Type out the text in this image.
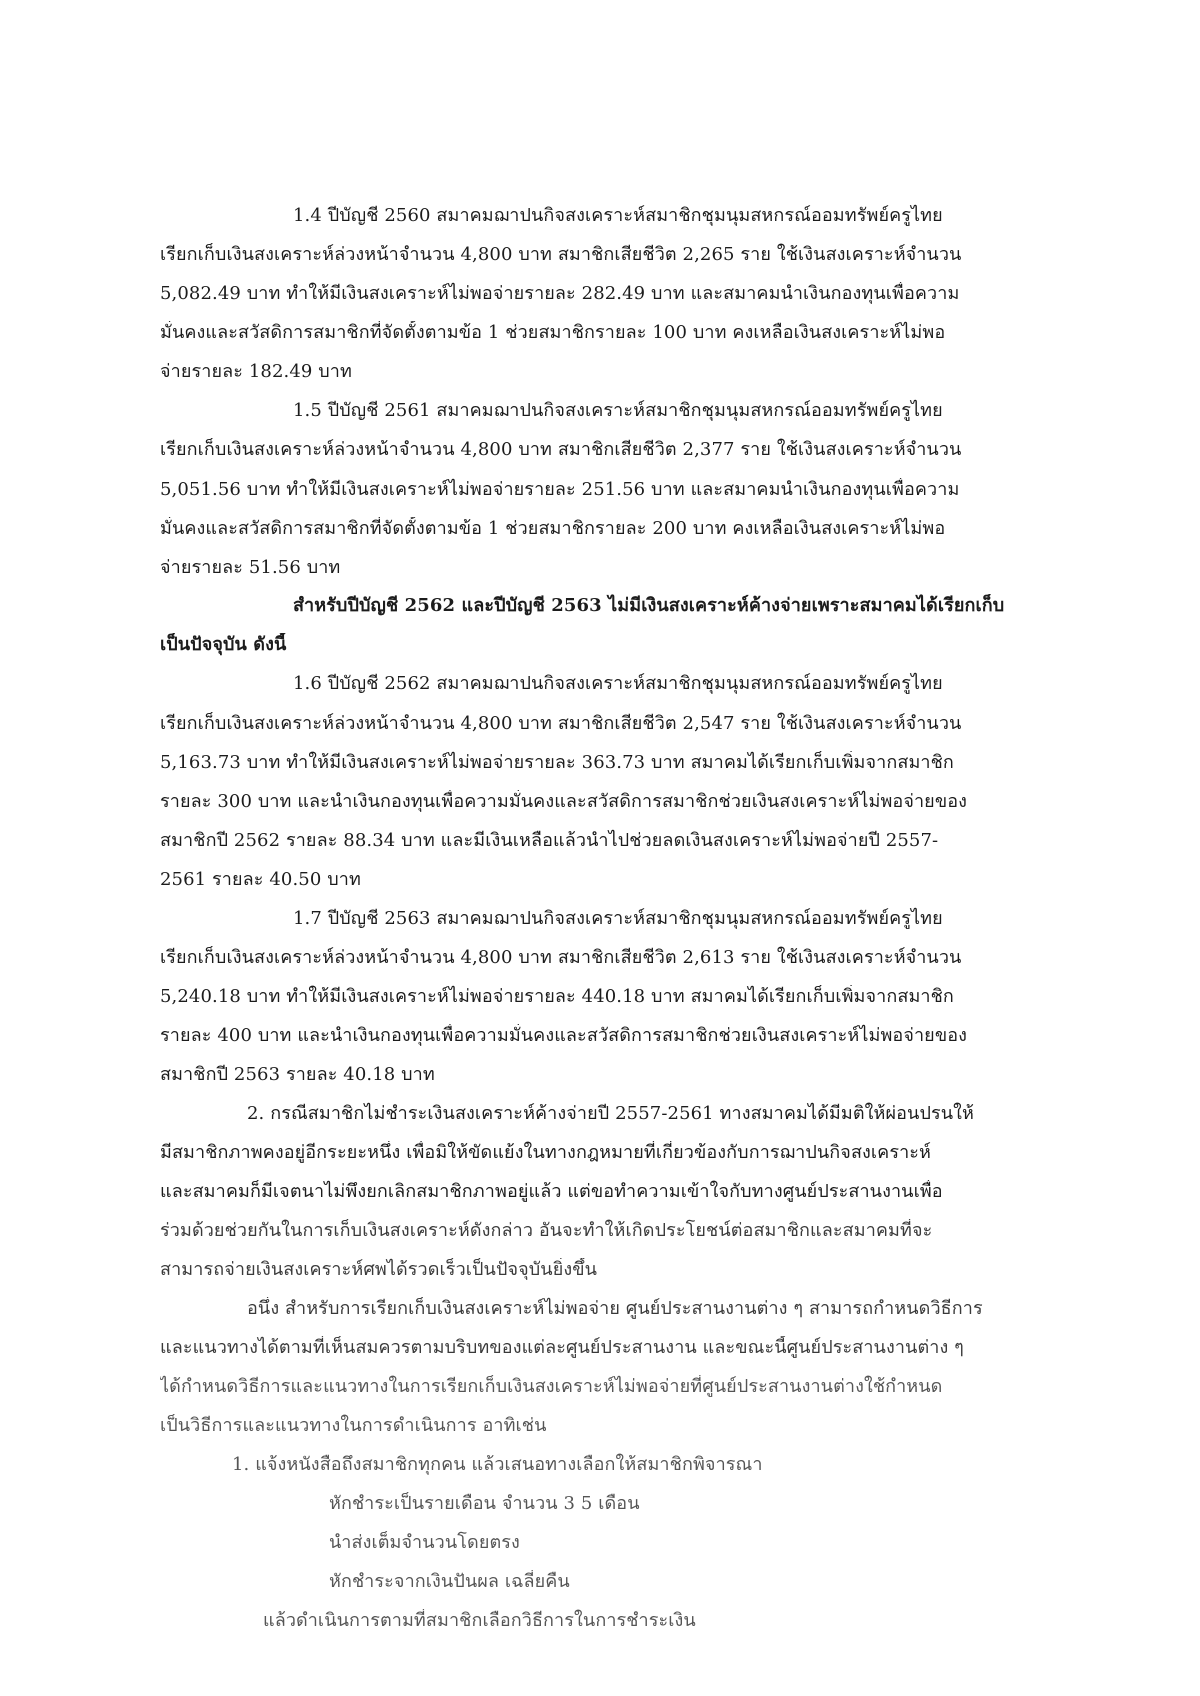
1.4 ปีบัญชี 2560 สมาคมฌาปนกิจสงเคราะห์สมาชิกชุมนุมสหกรณ์ออมทรัพย์ครูไทย

เรียกเก็บเงินสงเคราะห์ล่วงหน้าจำนวน 4,800 บาท สมาชิกเสียชีวิต 2,265 ราย ใช้เงินสงเคราะห์จำนวน

5,082.49 บาท ทำให้มีเงินสงเคราะห์ไม่พอจ่ายรายละ 282.49 บาท และสมาคมนำเงินกองทุนเพื่อความ

มั่นคงและสวัสดิการสมาชิกที่จัดตั้งตามข้อ 1 ช่วยสมาชิกรายละ 100 บาท คงเหลือเงินสงเคราะห์ไม่พอ

จ่ายรายละ 182.49 บาท

1.5 ปีบัญชี 2561 สมาคมฌาปนกิจสงเคราะห์สมาชิกชุมนุมสหกรณ์ออมทรัพย์ครูไทย

เรียกเก็บเงินสงเคราะห์ล่วงหน้าจำนวน 4,800 บาท สมาชิกเสียชีวิต 2,377 ราย ใช้เงินสงเคราะห์จำนวน

5,051.56 บาท ทำให้มีเงินสงเคราะห์ไม่พอจ่ายรายละ 251.56 บาท และสมาคมนำเงินกองทุนเพื่อความ

มั่นคงและสวัสดิการสมาชิกที่จัดตั้งตามข้อ 1 ช่วยสมาชิกรายละ 200 บาท คงเหลือเงินสงเคราะห์ไม่พอ

จ่ายรายละ 51.56 บาท

สำหรับปีบัญชี 2562 และปีบัญชี 2563 ไม่มีเงินสงเคราะห์ค้างจ่ายเพราะสมาคมได้เรียกเก็บ

เป็นปัจจุบัน ดังนี้

1.6 ปีบัญชี 2562 สมาคมฌาปนกิจสงเคราะห์สมาชิกชุมนุมสหกรณ์ออมทรัพย์ครูไทย

เรียกเก็บเงินสงเคราะห์ล่วงหน้าจำนวน 4,800 บาท สมาชิกเสียชีวิต 2,547 ราย ใช้เงินสงเคราะห์จำนวน

5,163.73 บาท ทำให้มีเงินสงเคราะห์ไม่พอจ่ายรายละ 363.73 บาท สมาคมได้เรียกเก็บเพิ่มจากสมาชิก

รายละ 300 บาท และนำเงินกองทุนเพื่อความมั่นคงและสวัสดิการสมาชิกช่วยเงินสงเคราะห์ไม่พอจ่ายของ

สมาชิกปี 2562 รายละ 88.34 บาท และมีเงินเหลือแล้วนำไปช่วยลดเงินสงเคราะห์ไม่พอจ่ายปี 2557-

2561 รายละ 40.50 บาท

1.7 ปีบัญชี 2563 สมาคมฌาปนกิจสงเคราะห์สมาชิกชุมนุมสหกรณ์ออมทรัพย์ครูไทย

เรียกเก็บเงินสงเคราะห์ล่วงหน้าจำนวน 4,800 บาท สมาชิกเสียชีวิต 2,613 ราย ใช้เงินสงเคราะห์จำนวน

5,240.18 บาท ทำให้มีเงินสงเคราะห์ไม่พอจ่ายรายละ 440.18 บาท สมาคมได้เรียกเก็บเพิ่มจากสมาชิก

รายละ 400 บาท และนำเงินกองทุนเพื่อความมั่นคงและสวัสดิการสมาชิกช่วยเงินสงเคราะห์ไม่พอจ่ายของ

สมาชิกปี 2563 รายละ 40.18 บาท

2. กรณีสมาชิกไม่ชำระเงินสงเคราะห์ค้างจ่ายปี 2557-2561 ทางสมาคมได้มีมติให้ผ่อนปรนให้

มีสมาชิกภาพคงอยู่อีกระยะหนึ่ง เพื่อมิให้ขัดแย้งในทางกฎหมายที่เกี่ยวข้องกับการฌาปนกิจสงเคราะห์

และสมาคมก็มีเจตนาไม่พึงยกเลิกสมาชิกภาพอยู่แล้ว แต่ขอทำความเข้าใจกับทางศูนย์ประสานงานเพื่อ

ร่วมด้วยช่วยกันในการเก็บเงินสงเคราะห์ดังกล่าว อันจะทำให้เกิดประโยชน์ต่อสมาชิกและสมาคมที่จะ

สามารถจ่ายเงินสงเคราะห์ศพได้รวดเร็วเป็นปัจจุบันยิ่งขึ้น

อนึ่ง สำหรับการเรียกเก็บเงินสงเคราะห์ไม่พอจ่าย ศูนย์ประสานงานต่าง ๆ สามารถกำหนดวิธีการ

และแนวทางได้ตามที่เห็นสมควรตามบริบทของแต่ละศูนย์ประสานงาน และขณะนี้ศูนย์ประสานงานต่าง ๆ

ได้กำหนดวิธีการและแนวทางในการเรียกเก็บเงินสงเคราะห์ไม่พอจ่ายที่ศูนย์ประสานงานต่างใช้กำหนด

เป็นวิธีการและแนวทางในการดำเนินการ อาทิเช่น

1. แจ้งหนังสือถึงสมาชิกทุกคน แล้วเสนอทางเลือกให้สมาชิกพิจารณา

หักชำระเป็นรายเดือน จำนวน 3 5 เดือน

นำส่งเต็มจำนวนโดยตรง

หักชำระจากเงินปันผล เฉลี่ยคืน

แล้วดำเนินการตามที่สมาชิกเลือกวิธีการในการชำระเงิน
